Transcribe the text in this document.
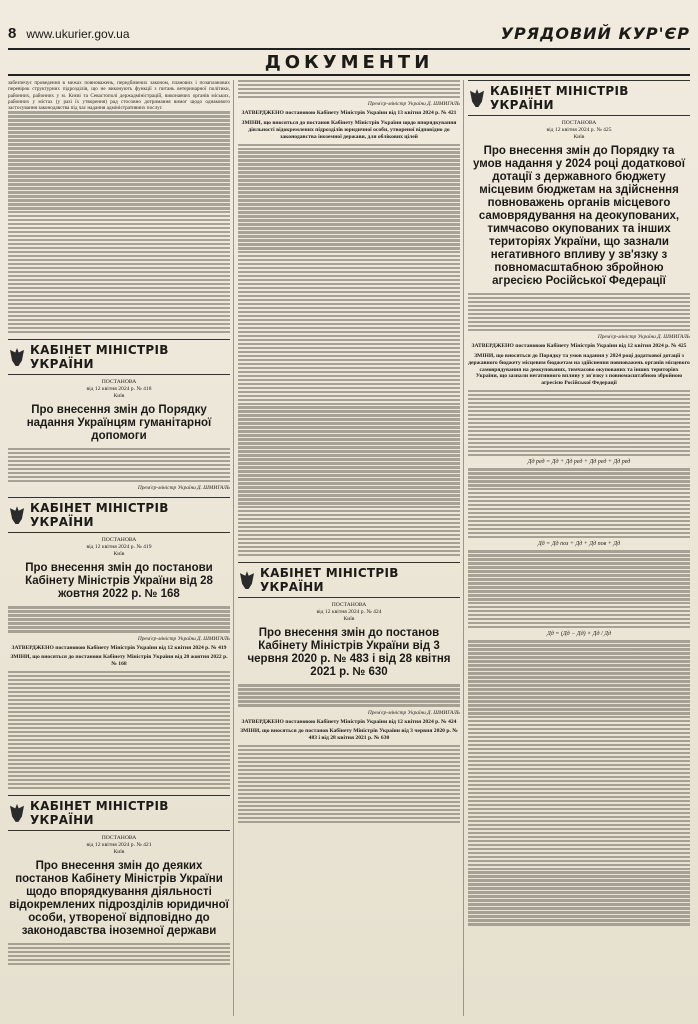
8 www.ukurier.gov.ua	УРЯДОВИЙ КУР'ЄР
ДОКУМЕНТИ

забезпечує проведення в межах повноважень, передбачених законом, планових і позапланових перевірок структурних підрозділів, що не виконують функції з питань ветеринарної політики, районних, районних у м. Києві та Севастополі держадміністрацій, виконавчих органів міських, районних у містах (у разі їх утворення) рад стосовно дотримання вимог щодо однакового застосування законодавства під час надання адміністративних послуг.

КАБІНЕТ МІНІСТРІВ УКРАЇНИ
ПОСТАНОВА
від 12 квітня 2024 р. № 418
Київ
Про внесення змін до Порядку надання Українцям гуманітарної допомоги
Прем'єр-міністр України Д. ШМИГАЛЬ
КАБІНЕТ МІНІСТРІВ УКРАЇНИ
ПОСТАНОВА
від 12 квітня 2024 р. № 419
Київ
Про внесення змін до постанови Кабінету Міністрів України від 28 жовтня 2022 р. № 168
Прем'єр-міністр України Д. ШМИГАЛЬ
ЗАТВЕРДЖЕНО постановою Кабінету Міністрів України від 12 квітня 2024 р. № 419
ЗМІНИ, що вносяться до постанови Кабінету Міністрів України від 28 жовтня 2022 р. № 168
КАБІНЕТ МІНІСТРІВ УКРАЇНИ
ПОСТАНОВА
від 12 квітня 2024 р. № 421
Київ
Про внесення змін до деяких постанов Кабінету Міністрів України щодо впорядкування діяльності відокремлених підрозділів юридичної особи, утвореної відповідно до законодавства іноземної держави
Прем'єр-міністр України Д. ШМИГАЛЬ
ЗАТВЕРДЖЕНО постановою Кабінету Міністрів України від 13 квітня 2024 р. № 421
ЗМІНИ, що вносяться до постанов Кабінету Міністрів України щодо впорядкування діяльності відокремлених підрозділів юридичної особи, утвореної відповідно до законодавства іноземної держави, для облікових цілей
КАБІНЕТ МІНІСТРІВ УКРАЇНИ
ПОСТАНОВА
від 12 квітня 2024 р. № 424
Київ
Про внесення змін до постанов Кабінету Міністрів України від 3 червня 2020 р. № 483 і від 28 квітня 2021 р. № 630
Прем'єр-міністр України Д. ШМИГАЛЬ
ЗАТВЕРДЖЕНО постановою Кабінету Міністрів України від 12 квітня 2024 р. № 424
ЗМІНИ, що вносяться до постанов Кабінету Міністрів України від 3 червня 2020 р. № 483 і від 28 квітня 2021 р. № 630
КАБІНЕТ МІНІСТРІВ УКРАЇНИ
ПОСТАНОВА
від 12 квітня 2024 р. № 425
Київ
Про внесення змін до Порядку та умов надання у 2024 році додаткової дотації з державного бюджету місцевим бюджетам на здійснення повноважень органів місцевого самоврядування на деокупованих, тимчасово окупованих та інших територіях України, що зазнали негативного впливу у зв'язку з повномасштабною збройною агресією Російської Федерації
Прем'єр-міністр України Д. ШМИГАЛЬ
ЗАТВЕРДЖЕНО постановою Кабінету Міністрів України від 12 квітня 2024 р. № 425
ЗМІНИ, що вносяться до Порядку та умов надання у 2024 році додаткової дотації з державного бюджету місцевим бюджетам на здійснення повноважень органів місцевого самоврядування на деокупованих, тимчасово окупованих та інших територіях України, що зазнали негативного впливу у зв'язку з повномасштабною збройною агресією Російської Федерації
Дд ред = Дд + Дд ред + Дд ред + Дд ред
Дд = Дд поз + Дд + Дд пов + Дд
Дд = (Дд − Дд) × Дд / Дд
